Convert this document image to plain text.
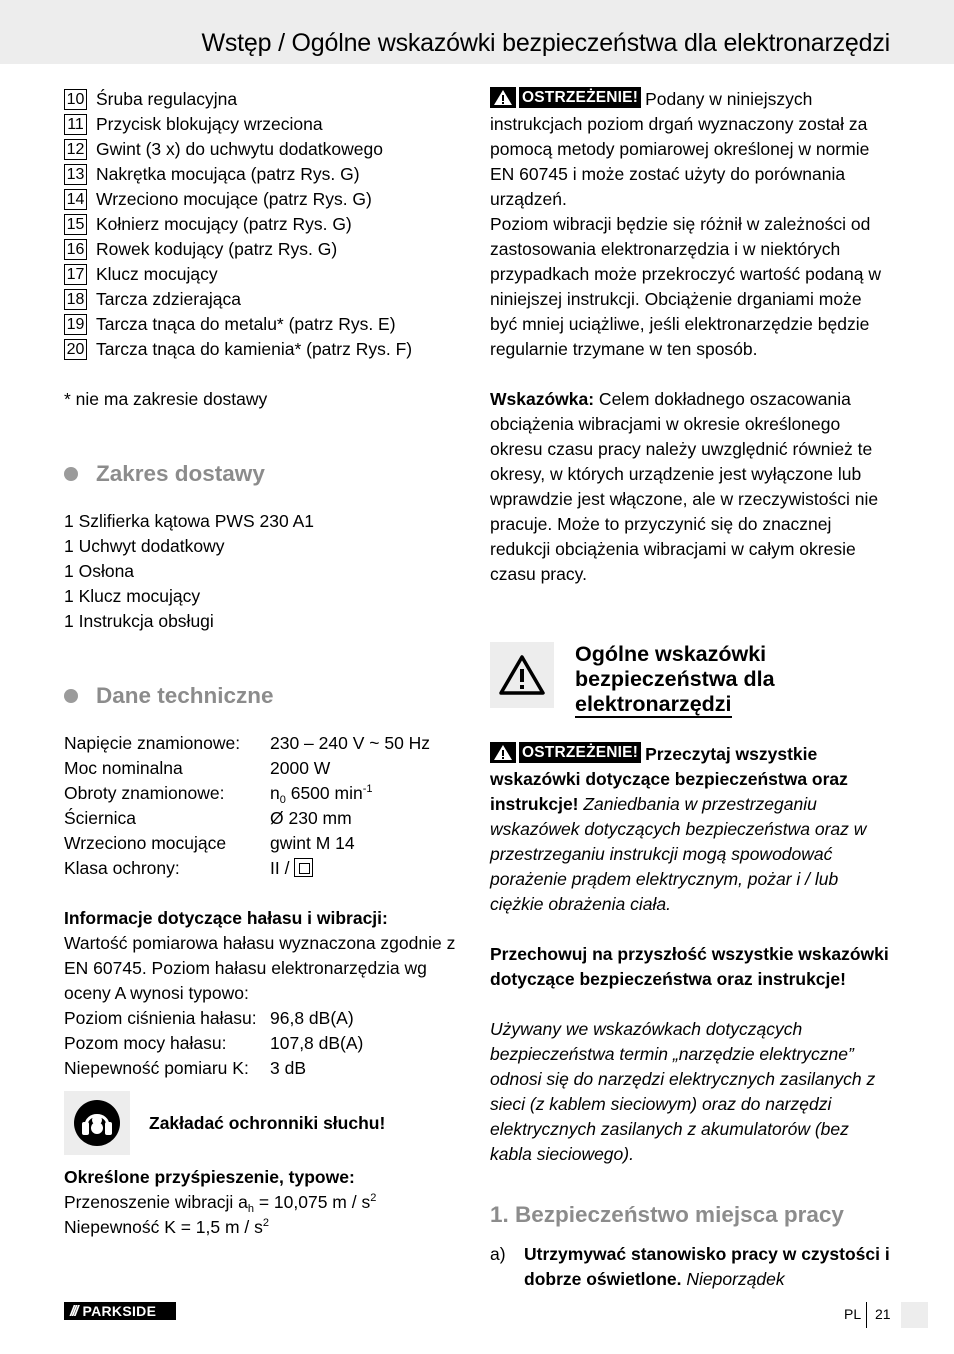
Wstęp / Ogólne wskazówki bezpieczeństwa dla elektronarzędzi
10 Śruba regulacyjna
11 Przycisk blokujący wrzeciona
12 Gwint (3 x) do uchwytu dodatkowego
13 Nakrętka mocująca (patrz Rys. G)
14 Wrzeciono mocujące (patrz Rys. G)
15 Kołnierz mocujący (patrz Rys. G)
16 Rowek kodujący (patrz Rys. G)
17 Klucz mocujący
18 Tarcza zdzierająca
19 Tarcza tnąca do metalu* (patrz Rys. E)
20 Tarcza tnąca do kamienia* (patrz Rys. F)
* nie ma zakresie dostawy
Zakres dostawy
1 Szlifierka kątowa PWS 230 A1
1 Uchwyt dodatkowy
1 Osłona
1 Klucz mocujący
1 Instrukcja obsługi
Dane techniczne
Napięcie znamionowe:	230 – 240 V ~ 50 Hz
Moc nominalna	2000 W
Obroty znamionowe:	$n_0$ 6500 $\min^{-1}$
Ściernica	Ø 230 mm
Wrzeciono mocujące	gwint M 14
Klasa ochrony:	II /
Informacje dotyczące hałasu i wibracji:
Wartość pomiarowa hałasu wyznaczona zgodnie z EN 60745. Poziom hałasu elektronarzędzia wg oceny A wynosi typowo:
Poziom ciśnienia hałasu: 96,8 dB(A)
Pozom mocy hałasu:	107,8 dB(A)
Niepewność pomiaru K:	3 dB
Zakładać ochronniki słuchu!
Określone przyśpieszenie, typowe:
Przenoszenie wibracji $a_h = 10,075$ m / $s^2$
Niepewność K = 1,5 m / $s^2$
OSTRZEŻENIE! Podany w niniejszych instrukcjach poziom drgań wyznaczony został za pomocą metody pomiarowej określonej w normie EN 60745 i może zostać użyty do porównania urządzeń.
Poziom wibracji będzie się różnił w zależności od zastosowania elektronarzędzia i w niektórych przypadkach może przekroczyć wartość podaną w niniejszej instrukcji. Obciążenie drganiami może być mniej uciążliwe, jeśli elektronarzędzie będzie regularnie trzymane w ten sposób.
Wskazówka: Celem dokładnego oszacowania obciążenia wibracjami w okresie określonego okresu czasu pracy należy uwzględnić również te okresy, w których urządzenie jest wyłączone lub wprawdzie jest włączone, ale w rzeczywistości nie pracuje. Może to przyczynić się do znacznej redukcji obciążenia wibracjami w całym okresie czasu pracy.
Ogólne wskazówki
bezpieczeństwa dla
elektronarzędzi
OSTRZEŻENIE! Przeczytaj wszystkie wskazówki dotyczące bezpieczeństwa oraz instrukcje! Zaniedbania w przestrzeganiu wskazówek dotyczących bezpieczeństwa oraz w przestrzeganiu instrukcji mogą spowodować porażenie prądem elektrycznym, pożar i / lub ciężkie obrażenia ciała.
Przechowuj na przyszłość wszystkie wskazówki dotyczące bezpieczeństwa oraz instrukcje!
Używany we wskazówkach dotyczących bezpieczeństwa termin „narzędzie elektryczne” odnosi się do narzędzi elektrycznych zasilanych z sieci (z kablem sieciowym) oraz do narzędzi elektrycznych zasilanych z akumulatorów (bez kabla sieciowego).
1. Bezpieczeństwo miejsca pracy
a)	Utrzymywać stanowisko pracy w czystości i dobrze oświetlone. Nieporządek
/// PARKSIDE	PL 21
